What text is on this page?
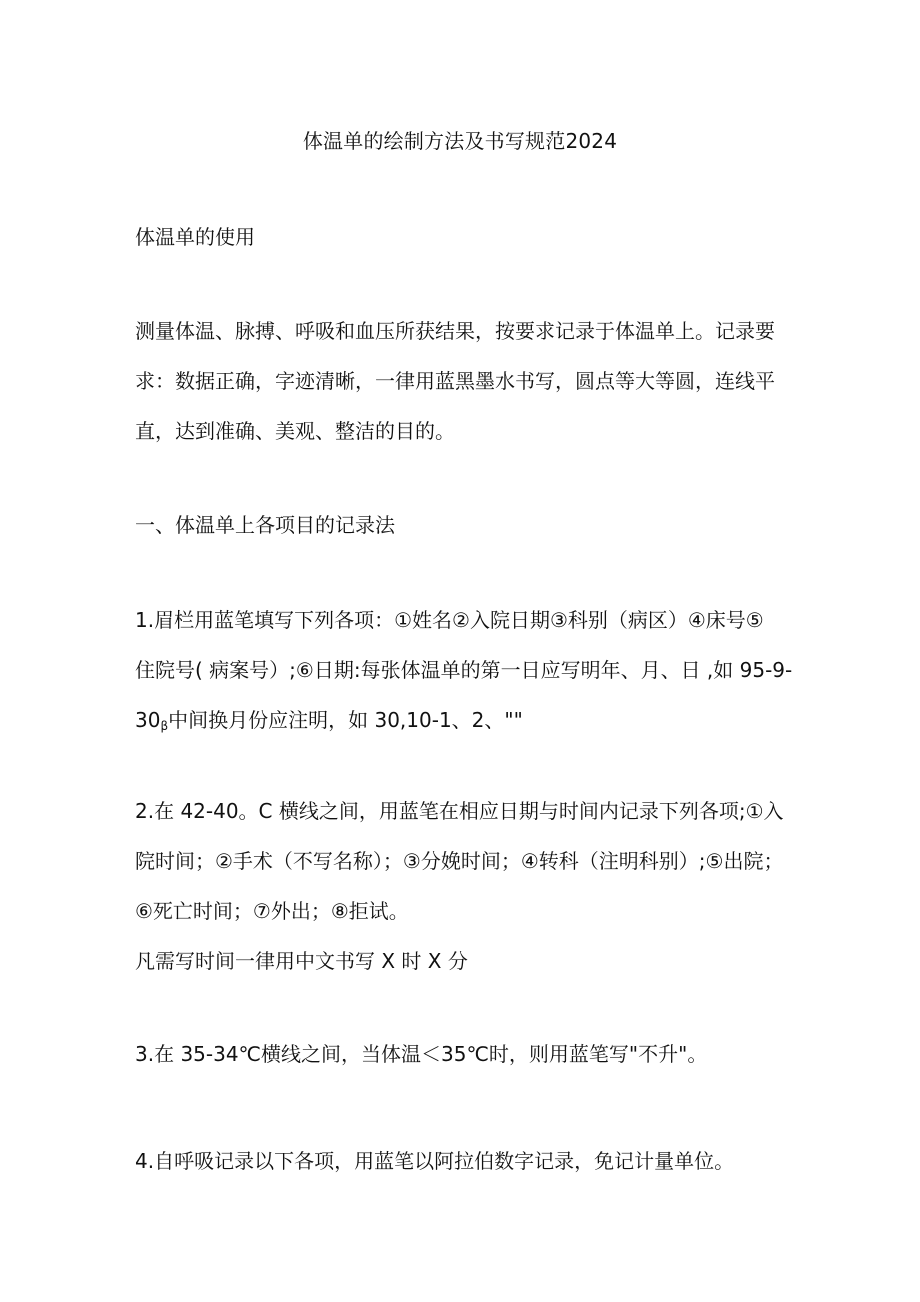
体温单的绘制方法及书写规范2024
体温单的使用
测量体温、脉搏、呼吸和血压所获结果，按要求记录于体温单上。记录要
求：数据正确，字迹清晰，一律用蓝黑墨水书写，圆点等大等圆，连线平
直，达到准确、美观、整洁的目的。
一、体温单上各项目的记录法
1.眉栏用蓝笔填写下列各项：①姓名②入院日期③科别（病区）④床号⑤
住院号( 病案号）;⑥日期:每张体温单的第一日应写明年、月、日 ,如 95-9-
$30_\beta$中间换月份应注明，如 30,10-1、2、""
2.在 42-40。C 横线之间，用蓝笔在相应日期与时间内记录下列各项;①入
院时间；②手术（不写名称）；③分娩时间；④转科（注明科别）;⑤出院；
⑥死亡时间；⑦外出；⑧拒试。
凡需写时间一律用中文书写 X 时 X 分
3.在 35-34℃横线之间，当体温＜35℃时，则用蓝笔写"不升"。
4.自呼吸记录以下各项，用蓝笔以阿拉伯数字记录，免记计量单位。
